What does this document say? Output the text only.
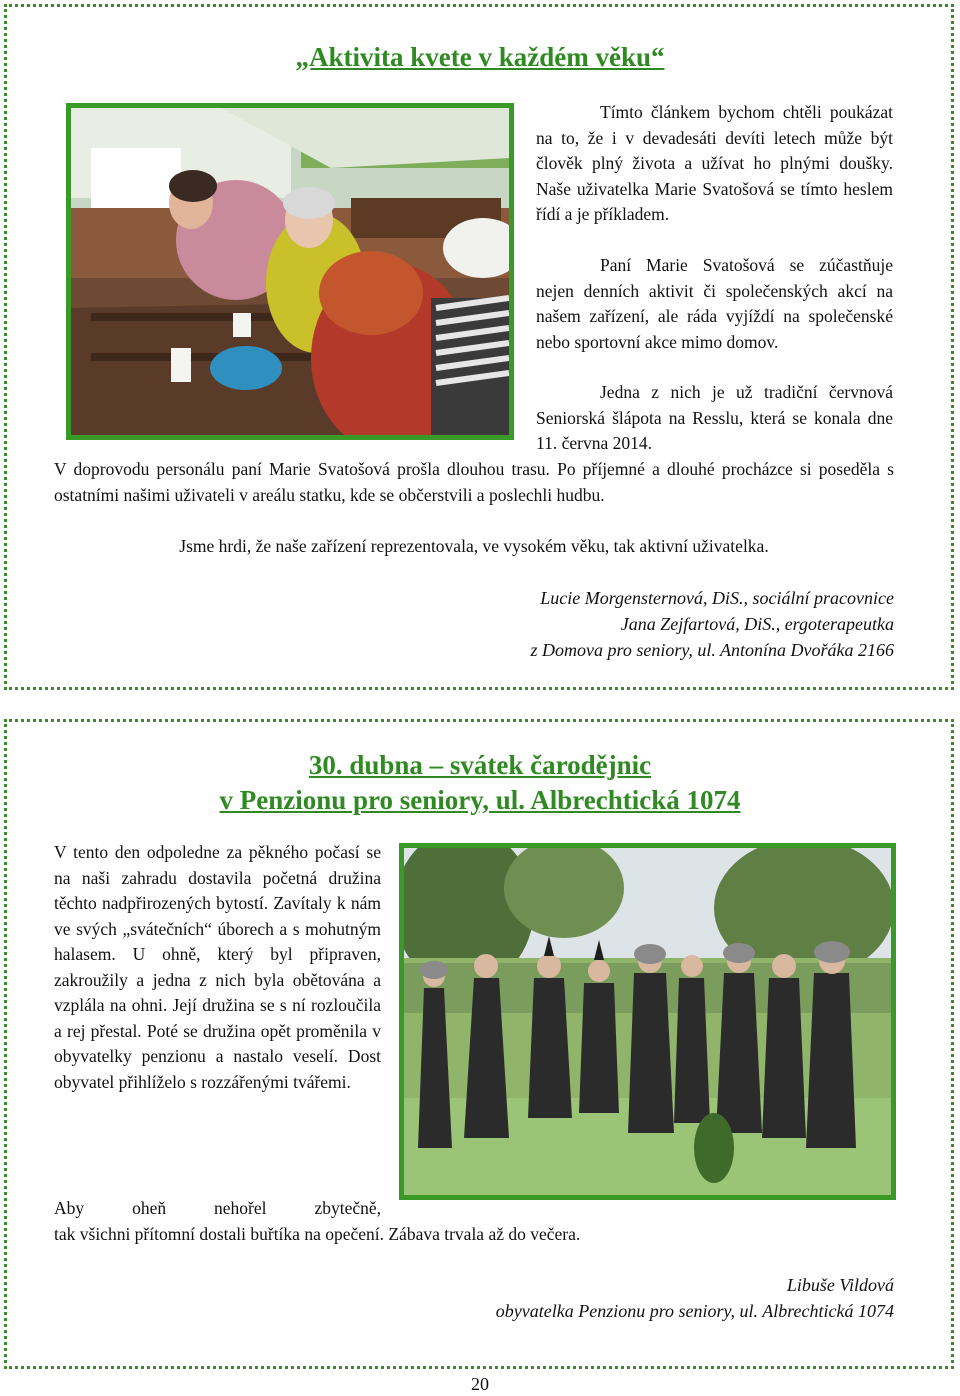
„Aktivita kvete v každém věku“

Tímto článkem bychom chtěli poukázat na to, že i v devadesáti devíti letech může být člověk plný života a užívat ho plnými doušky. Naše uživatelka Marie Svatošová se tímto heslem řídí a je příkladem.

Paní Marie Svatošová se zúčastňuje nejen denních aktivit či společenských akcí na našem zařízení, ale ráda vyjíždí na společenské nebo sportovní akce mimo domov.

Jedna z nich je už tradiční červnová Seniorská šlápota na Resslu, která se konala dne 11. června 2014.

V doprovodu personálu paní Marie Svatošová prošla dlouhou trasu. Po příjemné a dlouhé procházce si poseděla s ostatními našimi uživateli v areálu statku, kde se občerstvili a poslechli hudbu.

Jsme hrdi, že naše zařízení reprezentovala, ve vysokém věku, tak aktivní uživatelka.

Lucie Morgensternová, DiS., sociální pracovnice
Jana Zejfartová, DiS., ergoterapeutka
z Domova pro seniory, ul. Antonína Dvořáka 2166
30. dubna – svátek čarodějnic
v Penzionu pro seniory, ul. Albrechtická 1074

V tento den odpoledne za pěkného počasí se na naši zahradu dostavila početná družina těchto nadpřirozených bytostí. Zavítaly k nám ve svých „svátečních“ úborech a s mohutným halasem. U ohně, který byl připraven, zakroužily a jedna z nich byla obětována a vzplála na ohni. Její družina se s ní rozloučila a rej přestal. Poté se družina opět proměnila v obyvatelky penzionu a nastalo veselí. Dost obyvatel přihlíželo s rozzářenými tvářemi.

Aby oheň nehořel zbytečně,

tak všichni přítomní dostali buřtíka na opečení. Zábava trvala až do večera.

Libuše Vildová
obyvatelka Penzionu pro seniory, ul. Albrechtická 1074
20
